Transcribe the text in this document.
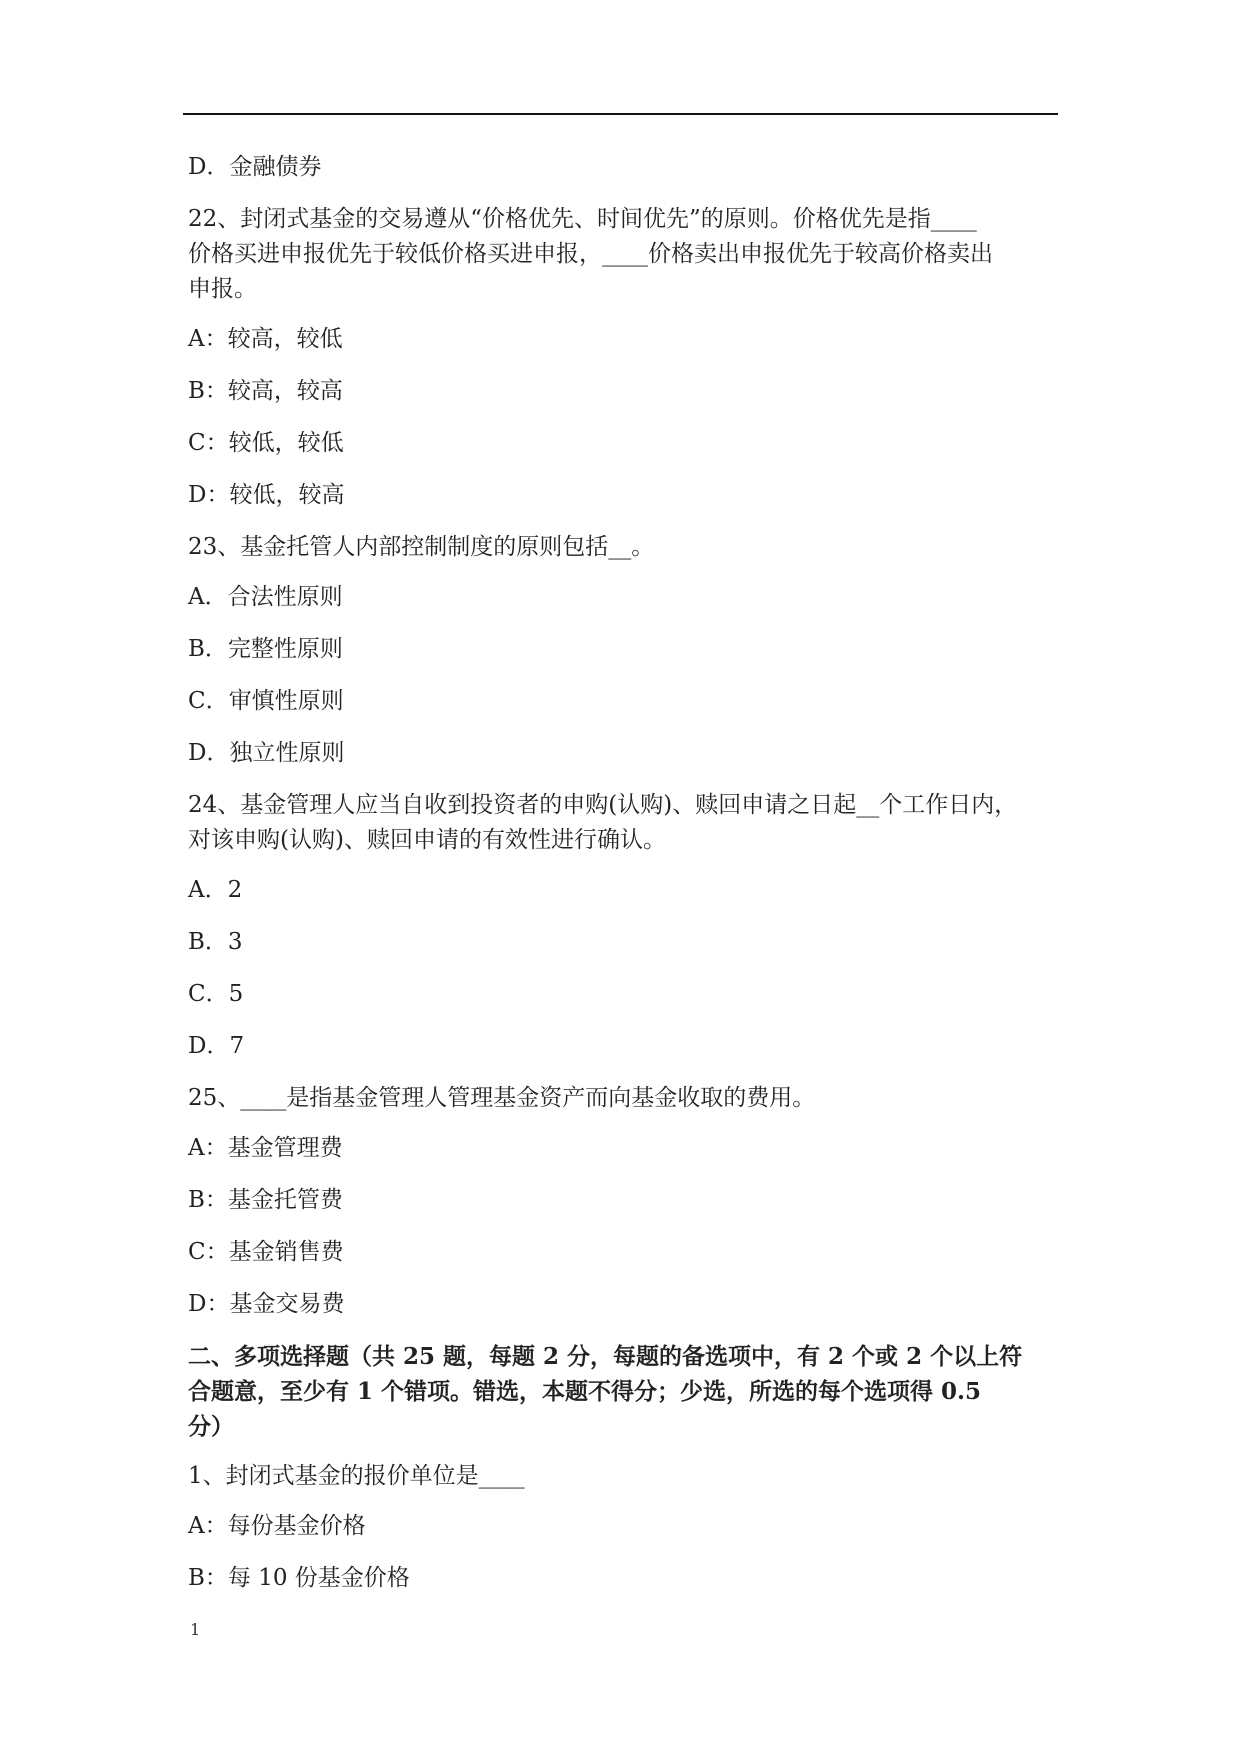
D．金融债券
22、封闭式基金的交易遵从“价格优先、时间优先”的原则。价格优先是指____
价格买进申报优先于较低价格买进申报，____价格卖出申报优先于较高价格卖出
申报。
A：较高，较低
B：较高，较高
C：较低，较低
D：较低，较高
23、基金托管人内部控制制度的原则包括__。
A．合法性原则
B．完整性原则
C．审慎性原则
D．独立性原则
24、基金管理人应当自收到投资者的申购(认购)、赎回申请之日起__个工作日内，
对该申购(认购)、赎回申请的有效性进行确认。
A．2
B．3
C．5
D．7
25、____是指基金管理人管理基金资产而向基金收取的费用。
A：基金管理费
B：基金托管费
C：基金销售费
D：基金交易费
二、多项选择题（共 25 题，每题 2 分，每题的备选项中，有 2 个或 2 个以上符
合题意，至少有 1 个错项。错选，本题不得分；少选，所选的每个选项得 0.5
分）
1、封闭式基金的报价单位是____
A：每份基金价格
B：每 10 份基金价格
1
